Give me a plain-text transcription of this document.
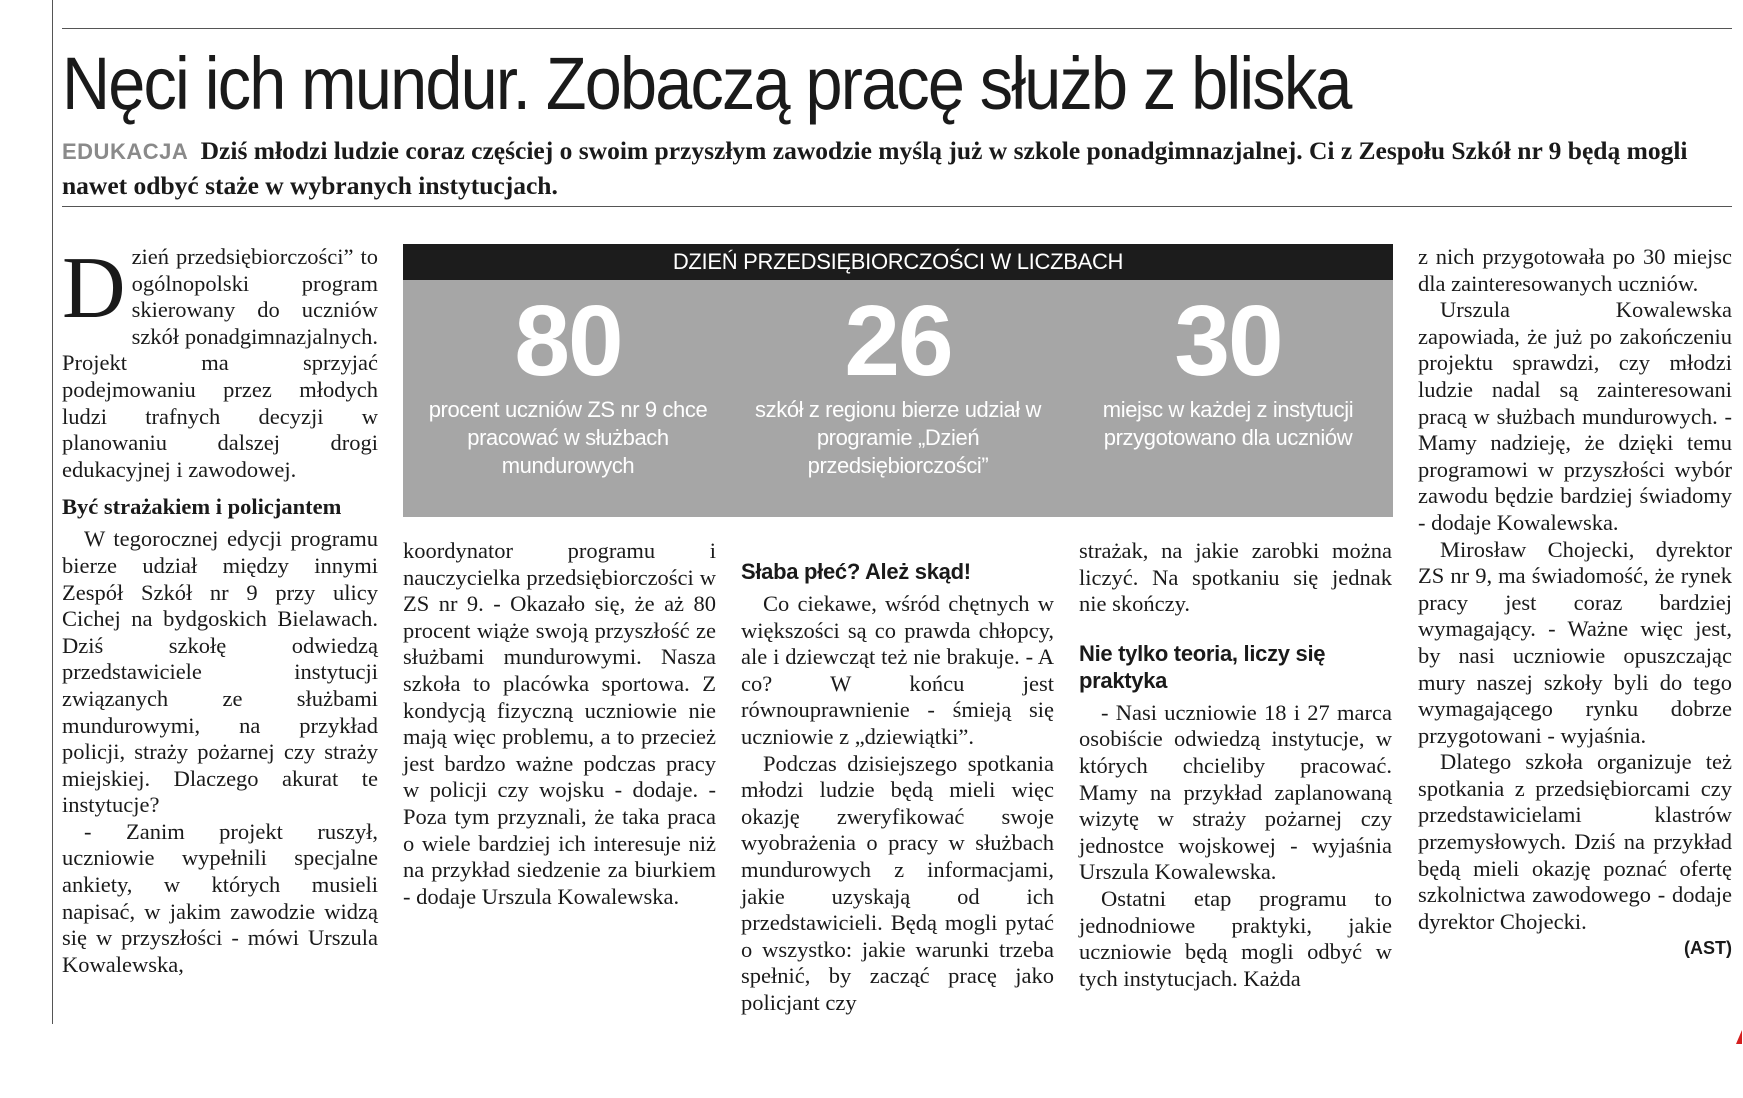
Nęci ich mundur. Zobaczą pracę służb z bliska
EDUKACJA Dziś młodzi ludzie coraz częściej o swoim przyszłym zawodzie myślą już w szkole ponadgimnazjalnej. Ci z Zespołu Szkół nr 9 będą mogli nawet odbyć staże w wybranych instytucjach.
D zień przedsiębiorczości” to ogólnopolski program skierowany do uczniów szkół ponadgimnazjalnych. Projekt ma sprzyjać podejmowaniu przez młodych ludzi trafnych decyzji w planowaniu dalszej drogi edukacyjnej i zawodowej.

Być strażakiem i policjantem

W tegorocznej edycji programu bierze udział między innymi Zespół Szkół nr 9 przy ulicy Cichej na bydgoskich Bielawach. Dziś szkołę odwiedzą przedstawiciele instytucji związanych ze służbami mundurowymi, na przykład policji, straży pożarnej czy straży miejskiej. Dlaczego akurat te instytucje?

- Zanim projekt ruszył, uczniowie wypełnili specjalne ankiety, w których musieli napisać, w jakim zawodzie widzą się w przyszłości - mówi Urszula Kowalewska,

DZIEŃ PRZEDSIĘBIORCZOŚCI W LICZBACH
80
procent uczniów ZS nr 9 chce pracować w służbach mundurowych
26
szkół z regionu bierze udział w programie „Dzień przedsiębiorczości”
30
miejsc w każdej z instytucji przygotowano dla uczniów

koordynator programu i nauczycielka przedsiębiorczości w ZS nr 9. - Okazało się, że aż 80 procent wiąże swoją przyszłość ze służbami mundurowymi. Nasza szkoła to placówka sportowa. Z kondycją fizyczną uczniowie nie mają więc problemu, a to przecież jest bardzo ważne podczas pracy w policji czy wojsku - dodaje. - Poza tym przyznali, że taka praca o wiele bardziej ich interesuje niż na przykład siedzenie za biurkiem - dodaje Urszula Kowalewska.

Słaba płeć? Ależ skąd!

Co ciekawe, wśród chętnych w większości są co prawda chłopcy, ale i dziewcząt też nie brakuje. - A co? W końcu jest równouprawnienie - śmieją się uczniowie z „dziewiątki”.

Podczas dzisiejszego spotkania młodzi ludzie będą mieli więc okazję zweryfikować swoje wyobrażenia o pracy w służbach mundurowych z informacjami, jakie uzyskają od ich przedstawicieli. Będą mogli pytać o wszystko: jakie warunki trzeba spełnić, by zacząć pracę jako policjant czy

strażak, na jakie zarobki można liczyć. Na spotkaniu się jednak nie skończy.

Nie tylko teoria, liczy się praktyka

- Nasi uczniowie 18 i 27 marca osobiście odwiedzą instytucje, w których chcieliby pracować. Mamy na przykład zaplanowaną wizytę w straży pożarnej czy jednostce wojskowej - wyjaśnia Urszula Kowalewska.

Ostatni etap programu to jednodniowe praktyki, jakie uczniowie będą mogli odbyć w tych instytucjach. Każda

z nich przygotowała po 30 miejsc dla zainteresowanych uczniów.

Urszula Kowalewska zapowiada, że już po zakończeniu projektu sprawdzi, czy młodzi ludzie nadal są zainteresowani pracą w służbach mundurowych. - Mamy nadzieję, że dzięki temu programowi w przyszłości wybór zawodu będzie bardziej świadomy - dodaje Kowalewska.

Mirosław Chojecki, dyrektor ZS nr 9, ma świadomość, że rynek pracy jest coraz bardziej wymagający. - Ważne więc jest, by nasi uczniowie opuszczając mury naszej szkoły byli do tego wymagającego rynku dobrze przygotowani - wyjaśnia.

Dlatego szkoła organizuje też spotkania z przedsiębiorcami czy przedstawicielami klastrów przemysłowych. Dziś na przykład będą mieli okazję poznać ofertę szkolnictwa zawodowego - dodaje dyrektor Chojecki.

(AST)
